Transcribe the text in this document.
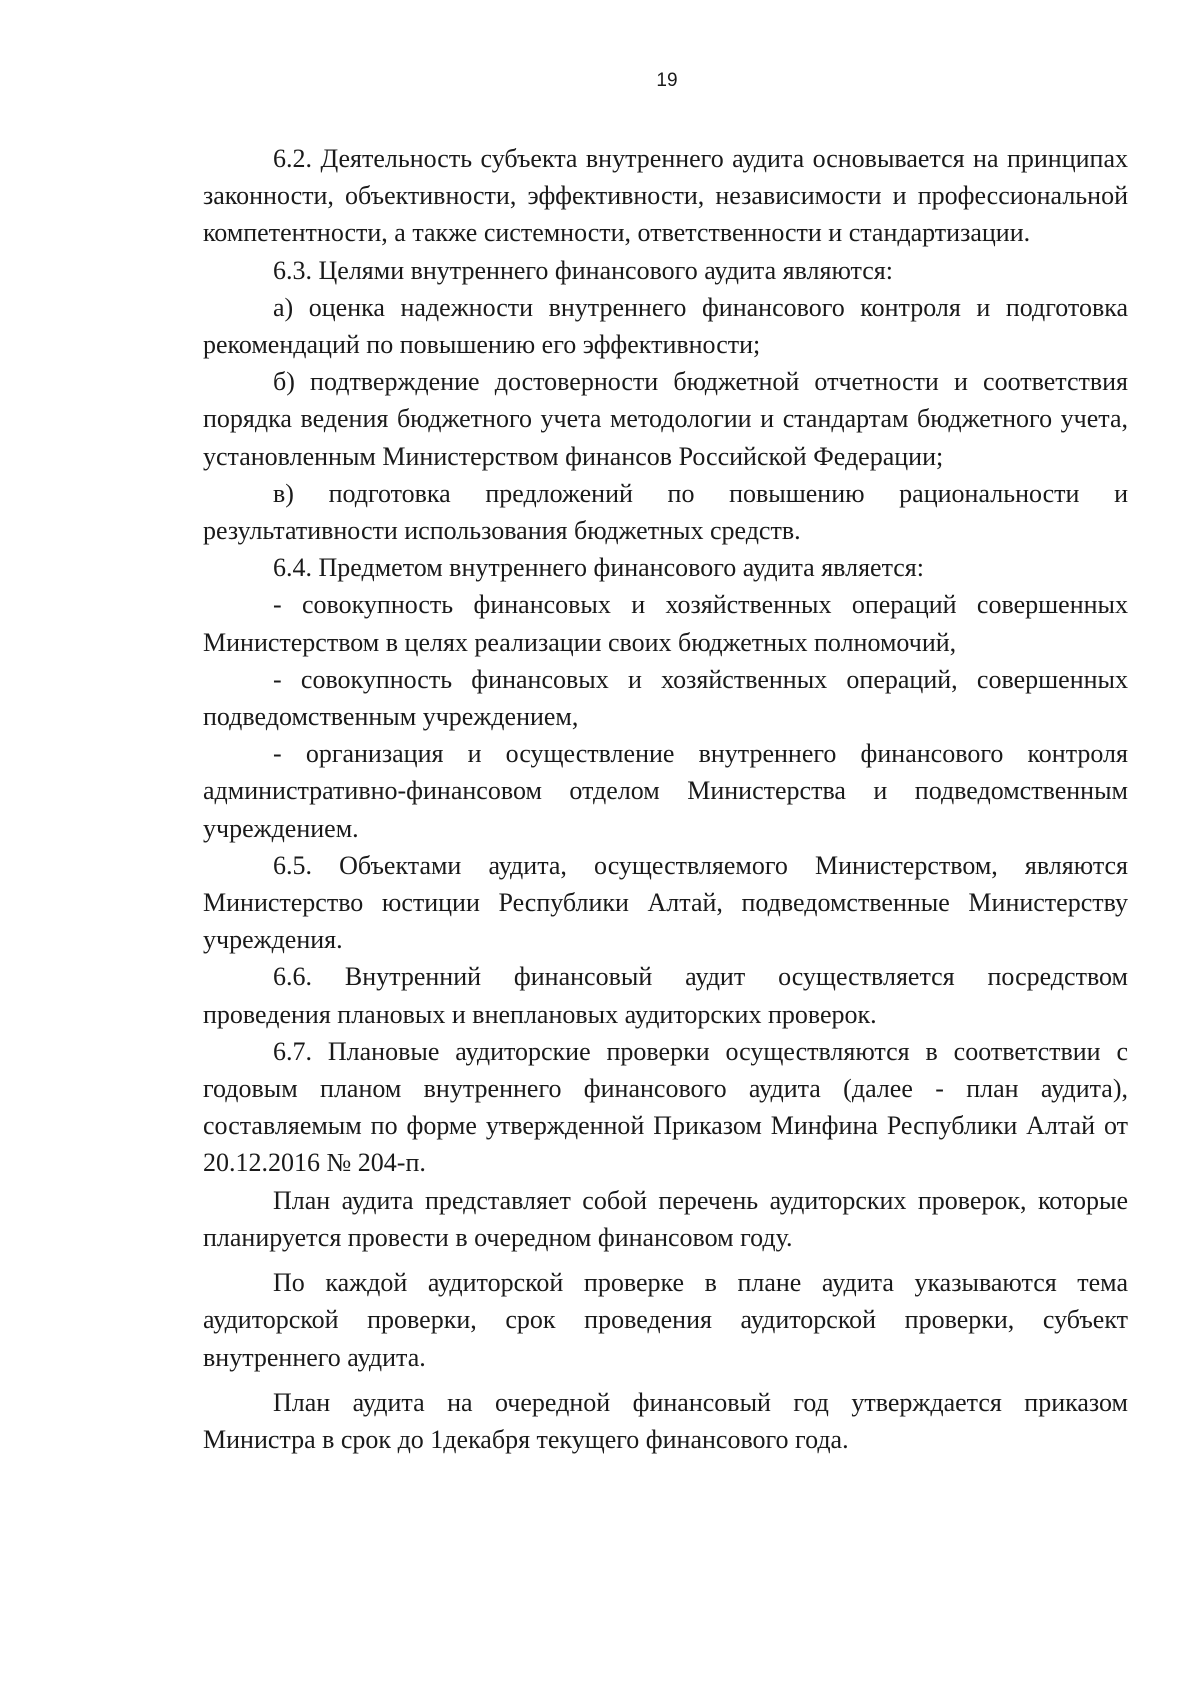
19

6.2. Деятельность субъекта внутреннего аудита основывается на принципах законности, объективности, эффективности, независимости и профессиональной компетентности, а также системности, ответственности и стандартизации.

6.3. Целями внутреннего финансового аудита являются:

а) оценка надежности внутреннего финансового контроля и подготовка рекомендаций по повышению его эффективности;

б) подтверждение достоверности бюджетной отчетности и соответствия порядка ведения бюджетного учета методологии и стандартам бюджетного учета, установленным Министерством финансов Российской Федерации;

в) подготовка предложений по повышению рациональности и результативности использования бюджетных средств.

6.4. Предметом внутреннего финансового аудита является:

- совокупность финансовых и хозяйственных операций совершенных Министерством в целях реализации своих бюджетных полномочий,

- совокупность финансовых и хозяйственных операций, совершенных подведомственным учреждением,

- организация и осуществление внутреннего финансового контроля административно-финансовом отделом Министерства и подведомственным учреждением.

6.5. Объектами аудита, осуществляемого Министерством, являются Министерство юстиции Республики Алтай, подведомственные Министерству учреждения.

6.6. Внутренний финансовый аудит осуществляется посредством проведения плановых и внеплановых аудиторских проверок.

6.7. Плановые аудиторские проверки осуществляются в соответствии с годовым планом внутреннего финансового аудита (далее - план аудита), составляемым по форме утвержденной Приказом Минфина Республики Алтай от 20.12.2016 № 204-п.

План аудита представляет собой перечень аудиторских проверок, которые планируется провести в очередном финансовом году.

По каждой аудиторской проверке в плане аудита указываются тема аудиторской проверки, срок проведения аудиторской проверки, субъект внутреннего аудита.

План аудита на очередной финансовый год утверждается приказом Министра в срок до 1декабря текущего финансового года.
